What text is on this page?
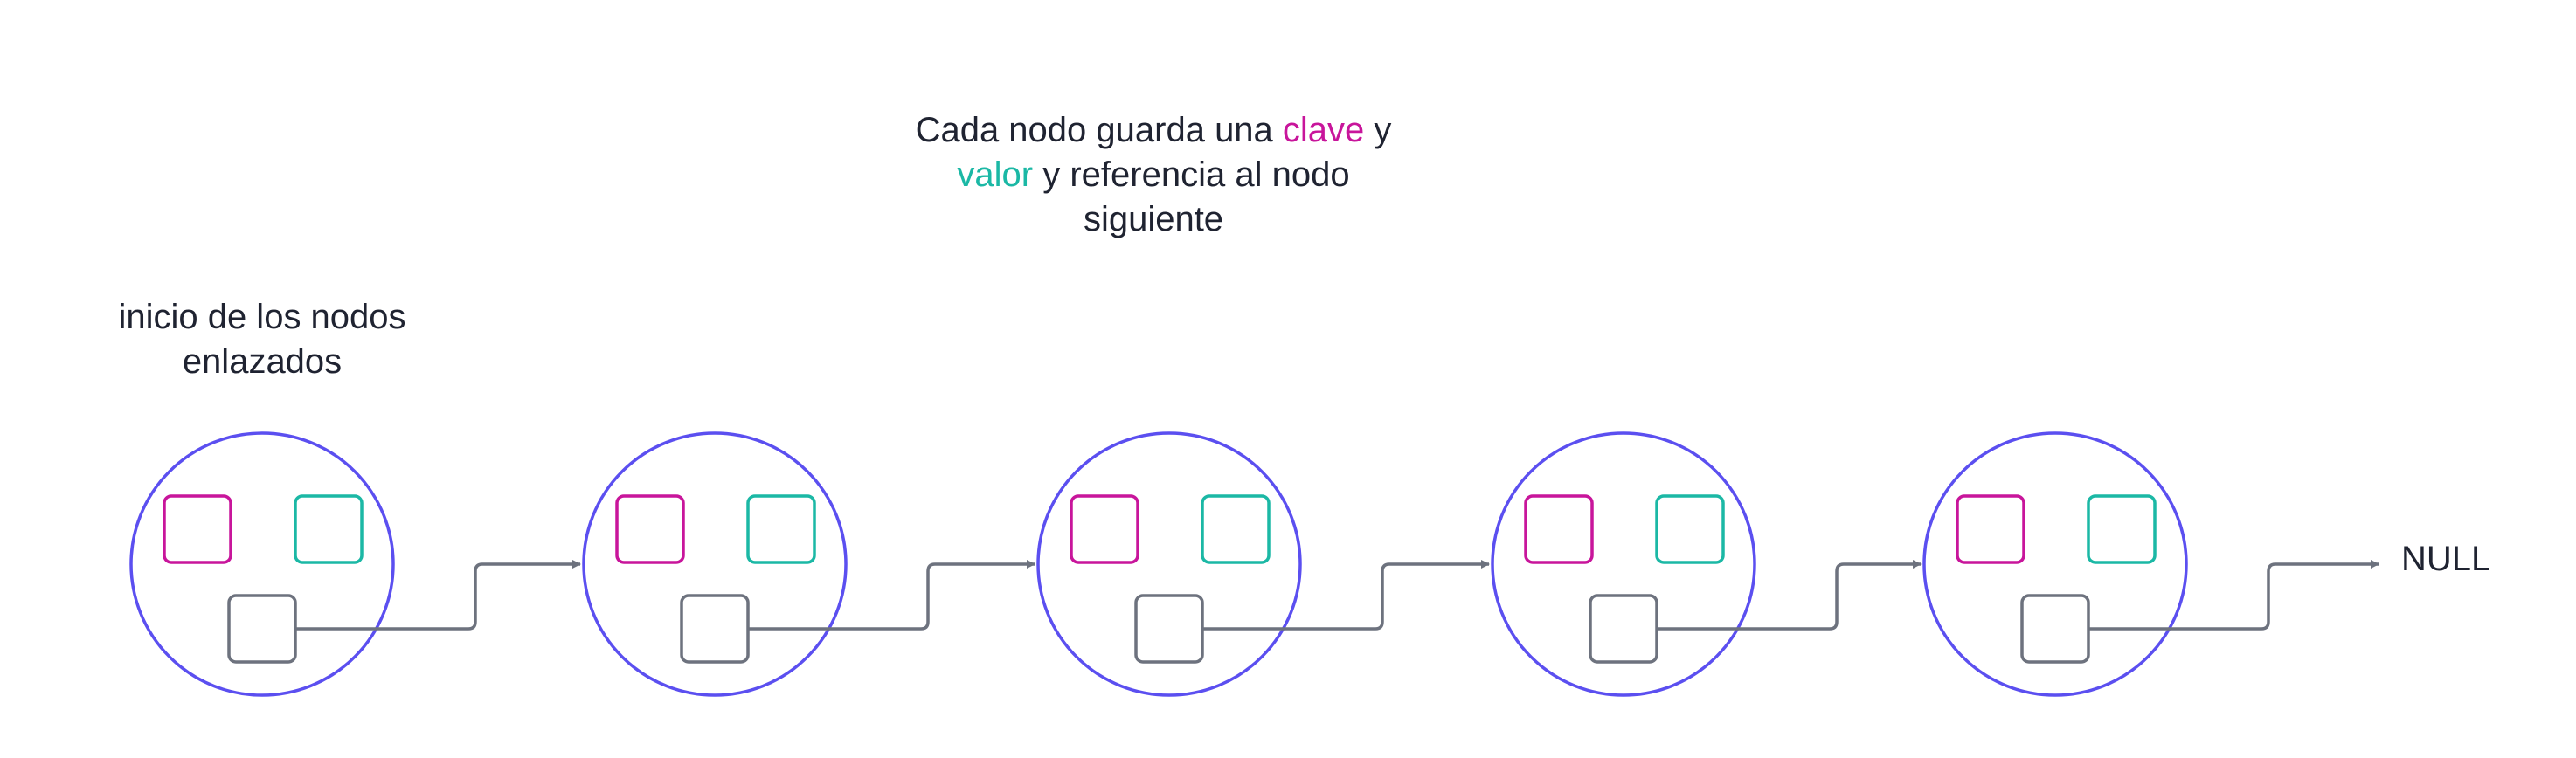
inicio de los nodos
enlazados
Cada nodo guarda una clave y
valor y referencia al nodo
siguiente
NULL
